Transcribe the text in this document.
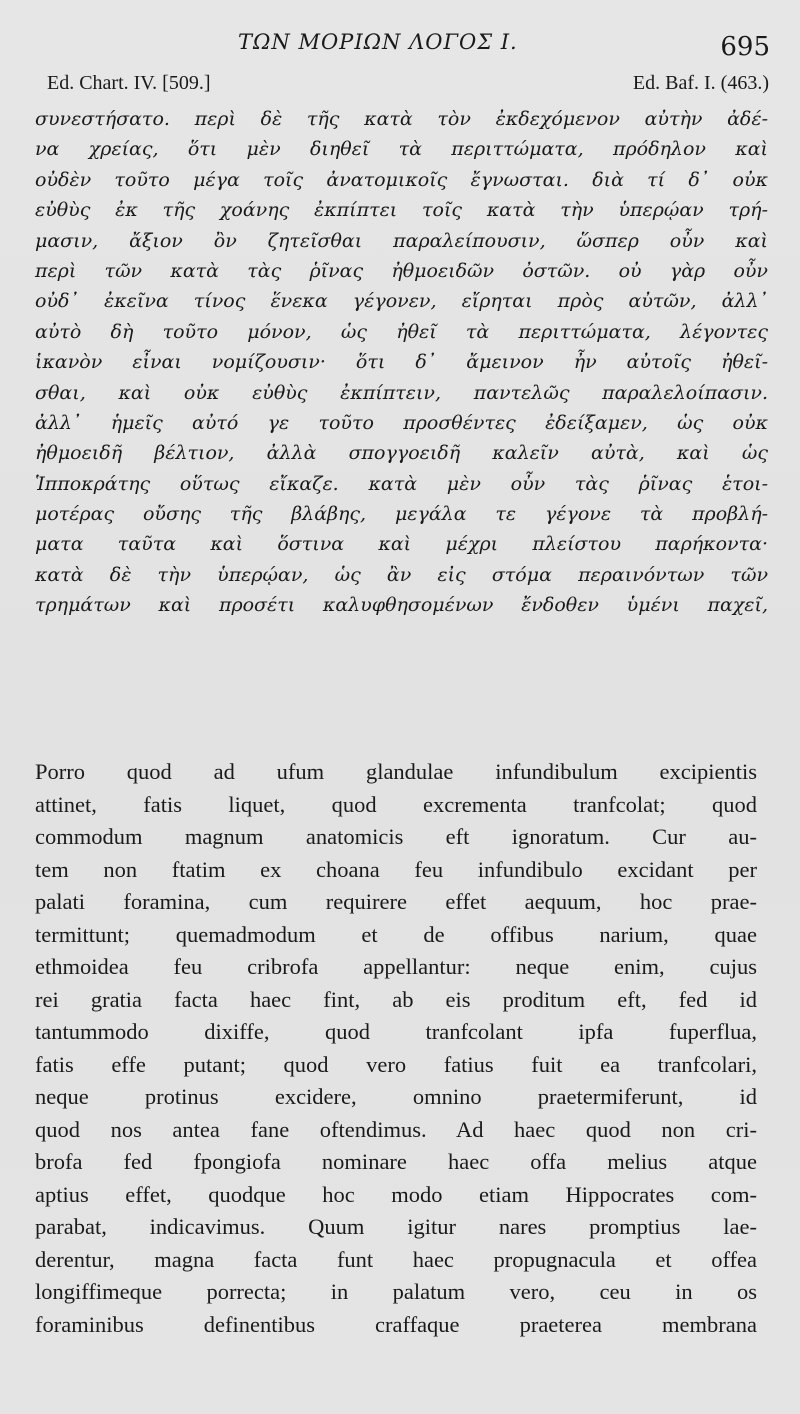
ΤΩΝ ΜΟΡΙΩΝ ΛΟΓΟΣ Ι.	695
Ed. Chart. IV. [509.]	Ed. Baf. I. (463.)
συνεστήσατο. περὶ δὲ τῆς κατὰ τὸν ἐκδεχόμενον αὐτὴν ἀδέ-
να χρείας, ὅτι μὲν διηθεῖ τὰ περιττώματα, πρόδηλον καὶ
οὐδὲν τοῦτο μέγα τοῖς ἀνατομικοῖς ἔγνωσται. διὰ τί δ᾿ οὐκ
εὐθὺς ἐκ τῆς χοάνης ἐκπίπτει τοῖς κατὰ τὴν ὑπερῴαν τρή-
μασιν, ἄξιον ὂν ζητεῖσθαι παραλείπουσιν, ὥσπερ οὖν καὶ
περὶ τῶν κατὰ τὰς ῥῖνας ἠθμοειδῶν ὀστῶν. οὐ γὰρ οὖν
οὐδ᾿ ἐκεῖνα τίνος ἕνεκα γέγονεν, εἴρηται πρὸς αὐτῶν, ἀλλ᾿
αὐτὸ δὴ τοῦτο μόνον, ὡς ἠθεῖ τὰ περιττώματα, λέγοντες
ἱκανὸν εἶναι νομίζουσιν· ὅτι δ᾿ ἄμεινον ἦν αὐτοῖς ἠθεῖ-
σθαι, καὶ οὐκ εὐθὺς ἐκπίπτειν, παντελῶς παραλελοίπασιν.
ἀλλ᾿ ἡμεῖς αὐτό γε τοῦτο προσθέντες ἐδείξαμεν, ὡς οὐκ
ἠθμοειδῆ βέλτιον, ἀλλὰ σπογγοειδῆ καλεῖν αὐτὰ, καὶ ὡς
Ἱπποκράτης οὕτως εἴκαζε. κατὰ μὲν οὖν τὰς ῥῖνας ἑτοι-
μοτέρας οὔσης τῆς βλάβης, μεγάλα τε γέγονε τὰ προβλή-
ματα ταῦτα καὶ ὅστινα καὶ μέχρι πλείστου παρήκοντα·
κατὰ δὲ τὴν ὑπερῴαν, ὡς ἂν εἰς στόμα περαινόντων τῶν
τρημάτων καὶ προσέτι καλυφθησομένων ἔνδοθεν ὑμένι παχεῖ,
Porro quod ad ufum glandulae infundibulum excipientis
attinet, fatis liquet, quod excrementa tranfcolat; quod
commodum magnum anatomicis eft ignoratum. Cur au-
tem non ftatim ex choana feu infundibulo excidant per
palati foramina, cum requirere effet aequum, hoc prae-
termittunt; quemadmodum et de offibus narium, quae
ethmoidea feu cribrofa appellantur: neque enim, cujus
rei gratia facta haec fint, ab eis proditum eft, fed id
tantummodo dixiffe, quod tranfcolant ipfa fuperflua,
fatis effe putant; quod vero fatius fuit ea tranfcolari,
neque protinus excidere, omnino praetermiferunt, id
quod nos antea fane oftendimus. Ad haec quod non cri-
brofa fed fpongiofa nominare haec offa melius atque
aptius effet, quodque hoc modo etiam Hippocrates com-
parabat, indicavimus. Quum igitur nares promptius lae-
derentur, magna facta funt haec propugnacula et offea
longiffimeque porrecta; in palatum vero, ceu in os
foraminibus definentibus craffaque praeterea membrana
